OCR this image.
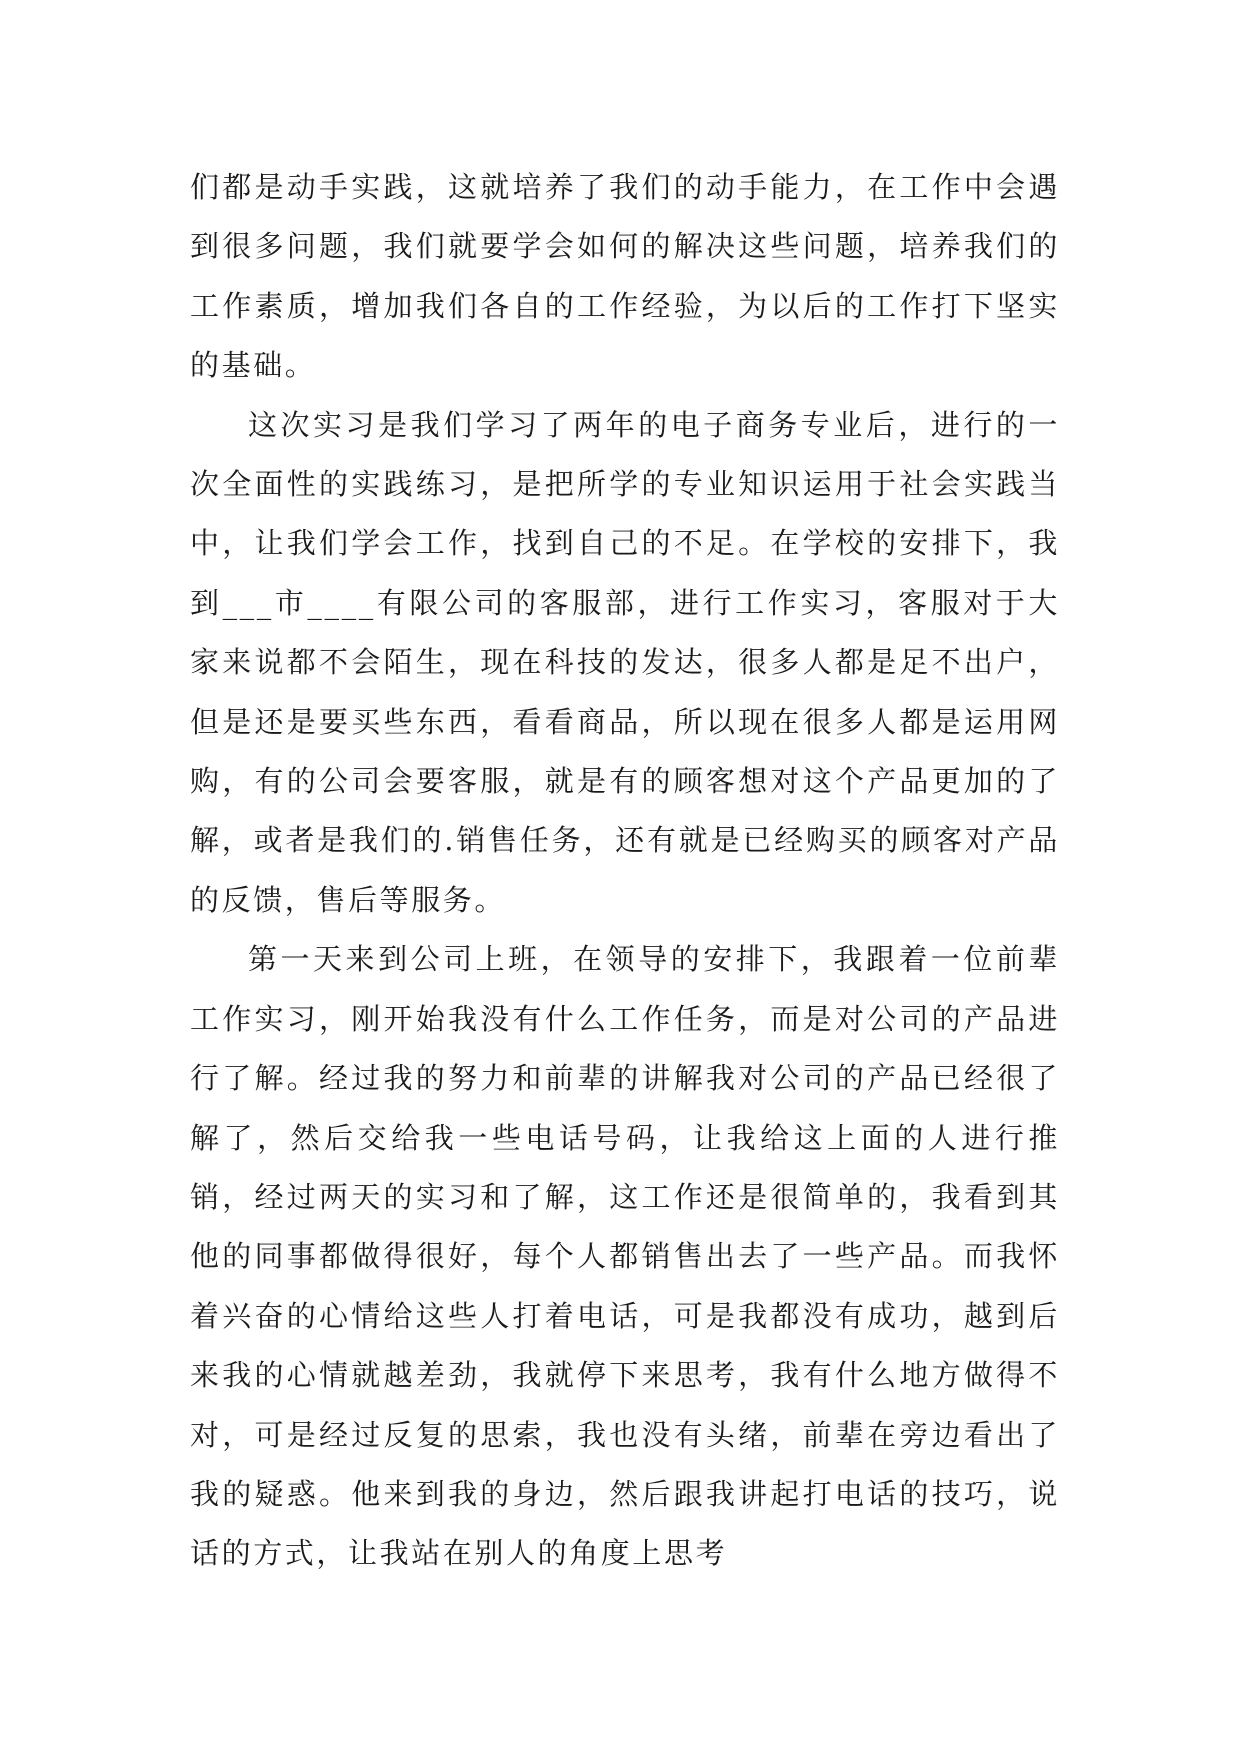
们都是动手实践，这就培养了我们的动手能力，在工作中会遇到很多问题，我们就要学会如何的解决这些问题，培养我们的工作素质，增加我们各自的工作经验，为以后的工作打下坚实的基础。

这次实习是我们学习了两年的电子商务专业后，进行的一次全面性的实践练习，是把所学的专业知识运用于社会实践当中，让我们学会工作，找到自己的不足。在学校的安排下，我到___市____有限公司的客服部，进行工作实习，客服对于大家来说都不会陌生，现在科技的发达，很多人都是足不出户，但是还是要买些东西，看看商品，所以现在很多人都是运用网购，有的公司会要客服，就是有的顾客想对这个产品更加的了解，或者是我们的.销售任务，还有就是已经购买的顾客对产品的反馈，售后等服务。

第一天来到公司上班，在领导的安排下，我跟着一位前辈工作实习，刚开始我没有什么工作任务，而是对公司的产品进行了解。经过我的努力和前辈的讲解我对公司的产品已经很了解了，然后交给我一些电话号码，让我给这上面的人进行推销，经过两天的实习和了解，这工作还是很简单的，我看到其他的同事都做得很好，每个人都销售出去了一些产品。而我怀着兴奋的心情给这些人打着电话，可是我都没有成功，越到后来我的心情就越差劲，我就停下来思考，我有什么地方做得不对，可是经过反复的思索，我也没有头绪，前辈在旁边看出了我的疑惑。他来到我的身边，然后跟我讲起打电话的技巧，说话的方式，让我站在别人的角度上思考
